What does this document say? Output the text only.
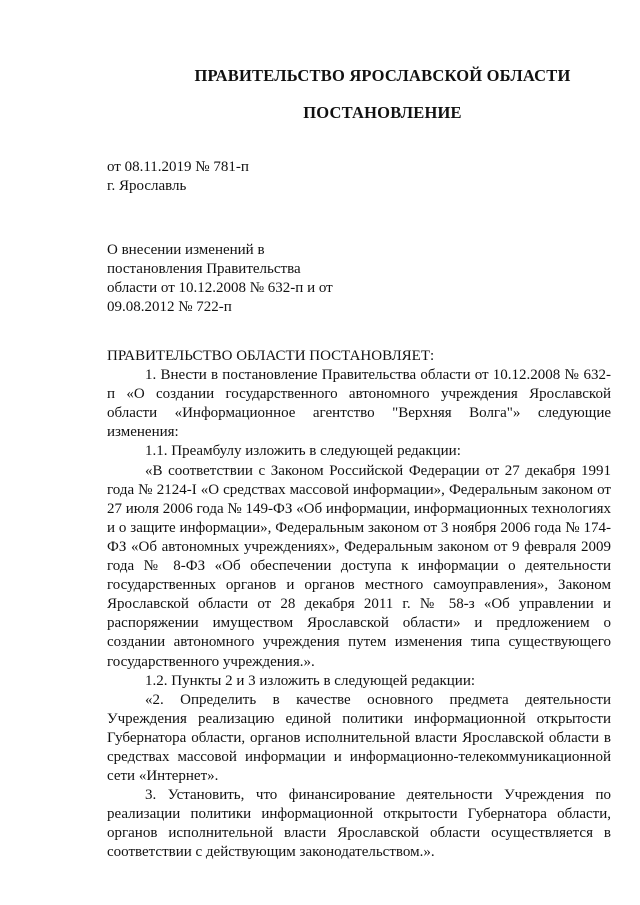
ПРАВИТЕЛЬСТВО ЯРОСЛАВСКОЙ ОБЛАСТИ
ПОСТАНОВЛЕНИЕ
от 08.11.2019 № 781-п
г. Ярославль
О внесении изменений в
постановления Правительства
области от 10.12.2008 № 632-п и от
09.08.2012 № 722-п

ПРАВИТЕЛЬСТВО ОБЛАСТИ ПОСТАНОВЛЯЕТ:

1. Внести в постановление Правительства области от 10.12.2008 № 632-п «О создании государственного автономного учреждения Ярославской области «Информационное агентство "Верхняя Волга"» следующие изменения:

1.1. Преамбулу изложить в следующей редакции:

«В соответствии с Законом Российской Федерации от 27 декабря 1991 года № 2124-I «О средствах массовой информации», Федеральным законом от 27 июля 2006 года № 149-ФЗ «Об информации, информационных технологиях и о защите информации», Федеральным законом от 3 ноября 2006 года № 174-ФЗ «Об автономных учреждениях», Федеральным законом от 9 февраля 2009 года № 8-ФЗ «Об обеспечении доступа к информации о деятельности государственных органов и органов местного самоуправления», Законом Ярославской области от 28 декабря 2011 г. № 58-з «Об управлении и распоряжении имуществом Ярославской области» и предложением о создании автономного учреждения путем изменения типа существующего государственного учреждения.».

1.2. Пункты 2 и 3 изложить в следующей редакции:

«2. Определить в качестве основного предмета деятельности Учреждения реализацию единой политики информационной открытости Губернатора области, органов исполнительной власти Ярославской области в средствах массовой информации и информационно-телекоммуникационной сети «Интернет».

3. Установить, что финансирование деятельности Учреждения по реализации политики информационной открытости Губернатора области, органов исполнительной власти Ярославской области осуществляется в соответствии с действующим законодательством.».
